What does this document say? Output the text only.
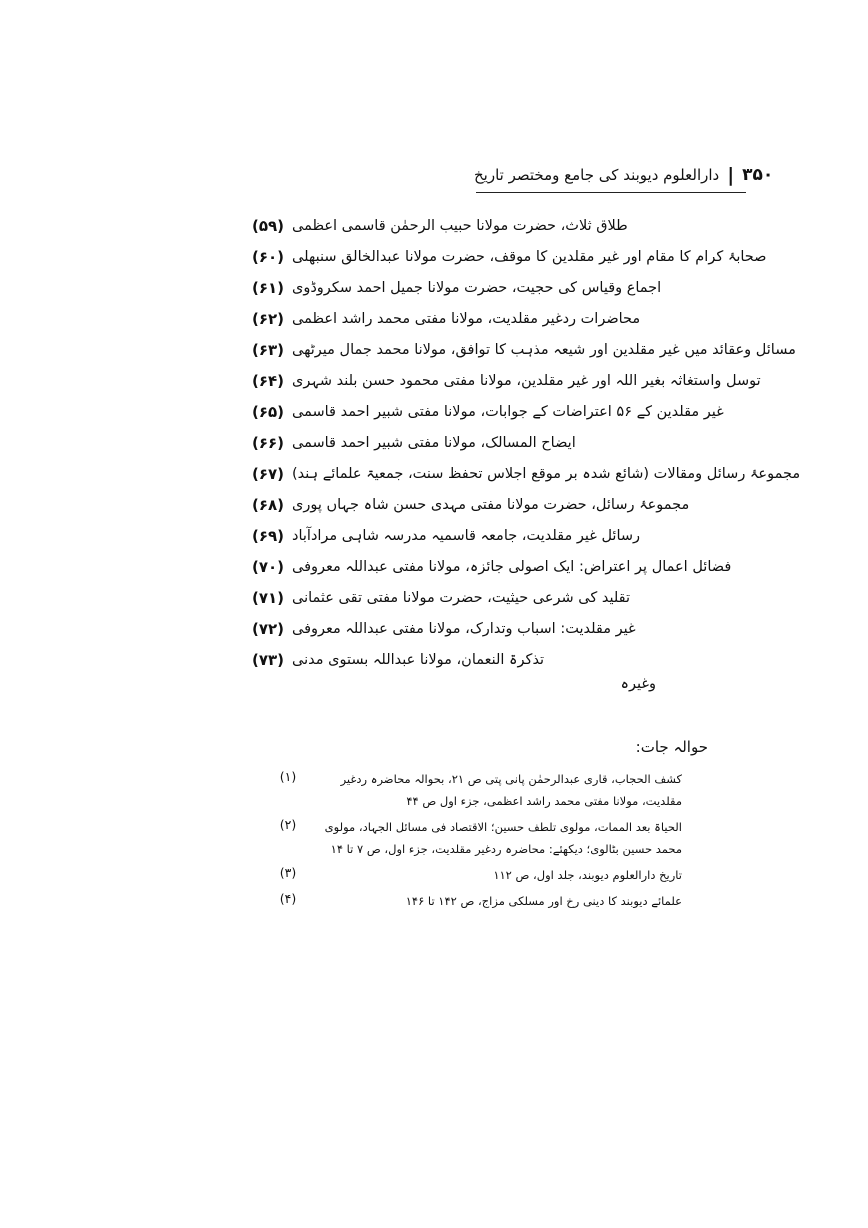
۳۵۰
|
دارالعلوم دیوبند کی جامع ومختصر تاریخ
(۵۹) طلاق ثلاث، حضرت مولانا حبیب الرحمٰن قاسمی اعظمی
(۶۰) صحابۂ کرام کا مقام اور غیر مقلدین کا موقف، حضرت مولانا عبدالخالق سنبھلی
(۶۱) اجماع وقیاس کی حجیت، حضرت مولانا جمیل احمد سکروڈوی
(۶۲) محاضرات ردغیر مقلدیت، مولانا مفتی محمد راشد اعظمی
(۶۳) مسائل وعقائد میں غیر مقلدین اور شیعہ مذہب کا توافق، مولانا محمد جمال میرٹھی
(۶۴) توسل واستغاثہ بغیر اللہ اور غیر مقلدین، مولانا مفتی محمود حسن بلند شہری
(۶۵) غیر مقلدین کے ۵۶ اعتراضات کے جوابات، مولانا مفتی شبیر احمد قاسمی
(۶۶) ایضاح المسالک، مولانا مفتی شبیر احمد قاسمی
(۶۷) مجموعۂ رسائل ومقالات (شائع شدہ بر موقع اجلاس تحفظ سنت، جمعیۃ علمائے ہند)
(۶۸) مجموعۂ رسائل، حضرت مولانا مفتی مہدی حسن شاہ جہاں پوری
(۶۹) رسائل غیر مقلدیت، جامعہ قاسمیہ مدرسہ شاہی مرادآباد
(۷۰) فضائل اعمال پر اعتراض: ایک اصولی جائزہ، مولانا مفتی عبداللہ معروفی
(۷۱) تقلید کی شرعی حیثیت، حضرت مولانا مفتی تقی عثمانی
(۷۲) غیر مقلدیت: اسباب وتدارک، مولانا مفتی عبداللہ معروفی
(۷۳) تذکرۃ النعمان، مولانا عبداللہ بستوی مدنی
وغیرہ
حوالہ جات:
(۱)	کشف الحجاب، قاری عبدالرحمٰن پانی پتی ص ۲۱، بحوالہ محاضرہ ردغیر مقلدیت، مولانا مفتی محمد راشد اعظمی، جزء اول ص ۴۴
(۲)	الحیاۃ بعد الممات، مولوی تلطف حسین؛ الاقتصاد فی مسائل الجہاد، مولوی محمد حسین بٹالوی؛ دیکھئے: محاضرہ ردغیر مقلدیت، جزء اول، ص ۷ تا ۱۴
(۳)	تاریخ دارالعلوم دیوبند، جلد اول، ص ۱۱۲
(۴)	علمائے دیوبند کا دینی رخ اور مسلکی مزاج، ص ۱۴۲ تا ۱۴۶
